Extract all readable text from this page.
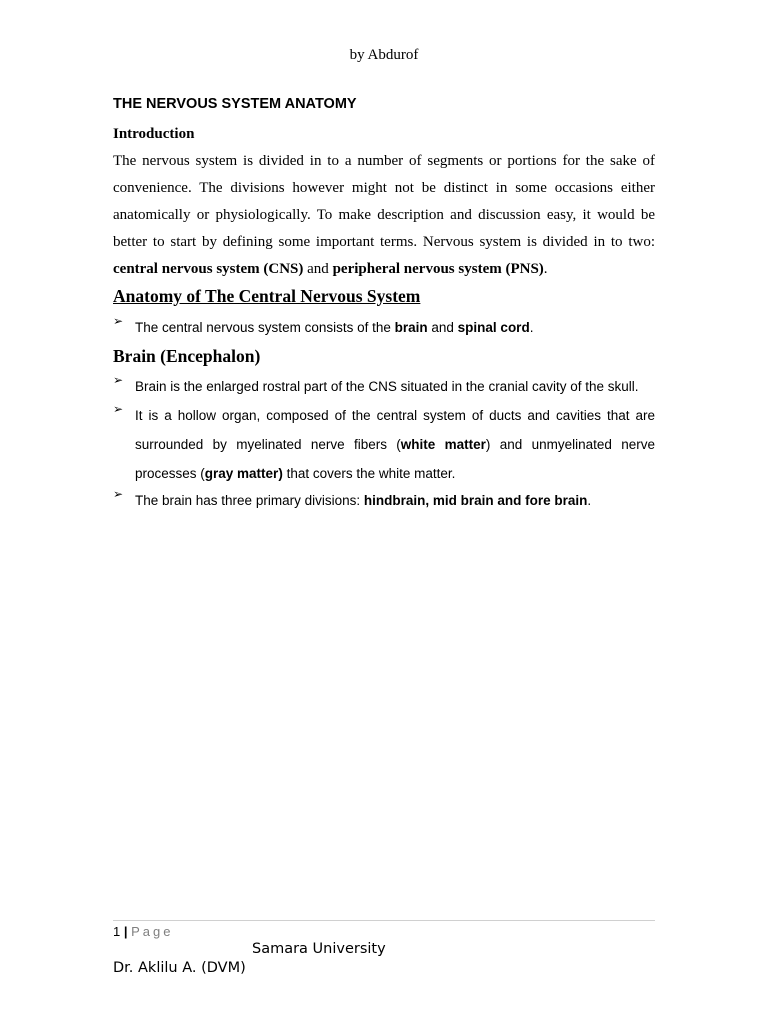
by Abdurof
THE NERVOUS SYSTEM ANATOMY
Introduction
The nervous system is divided in to a number of segments or portions for the sake of convenience. The divisions however might not be distinct in some occasions either anatomically or physiologically. To make description and discussion easy, it would be better to start by defining some important terms. Nervous system is divided in to two: central nervous system (CNS) and peripheral nervous system (PNS).
Anatomy of The Central Nervous System
➢ The central nervous system consists of the brain and spinal cord.
Brain (Encephalon)
➢ Brain is the enlarged rostral part of the CNS situated in the cranial cavity of the skull.
➢ It is a hollow organ, composed of the central system of ducts and cavities that are surrounded by myelinated nerve fibers (white matter) and unmyelinated nerve processes (gray matter) that covers the white matter.
➢ The brain has three primary divisions: hindbrain, mid brain and fore brain.
1 | Page
Samara University
Dr. Aklilu A. (DVM)
